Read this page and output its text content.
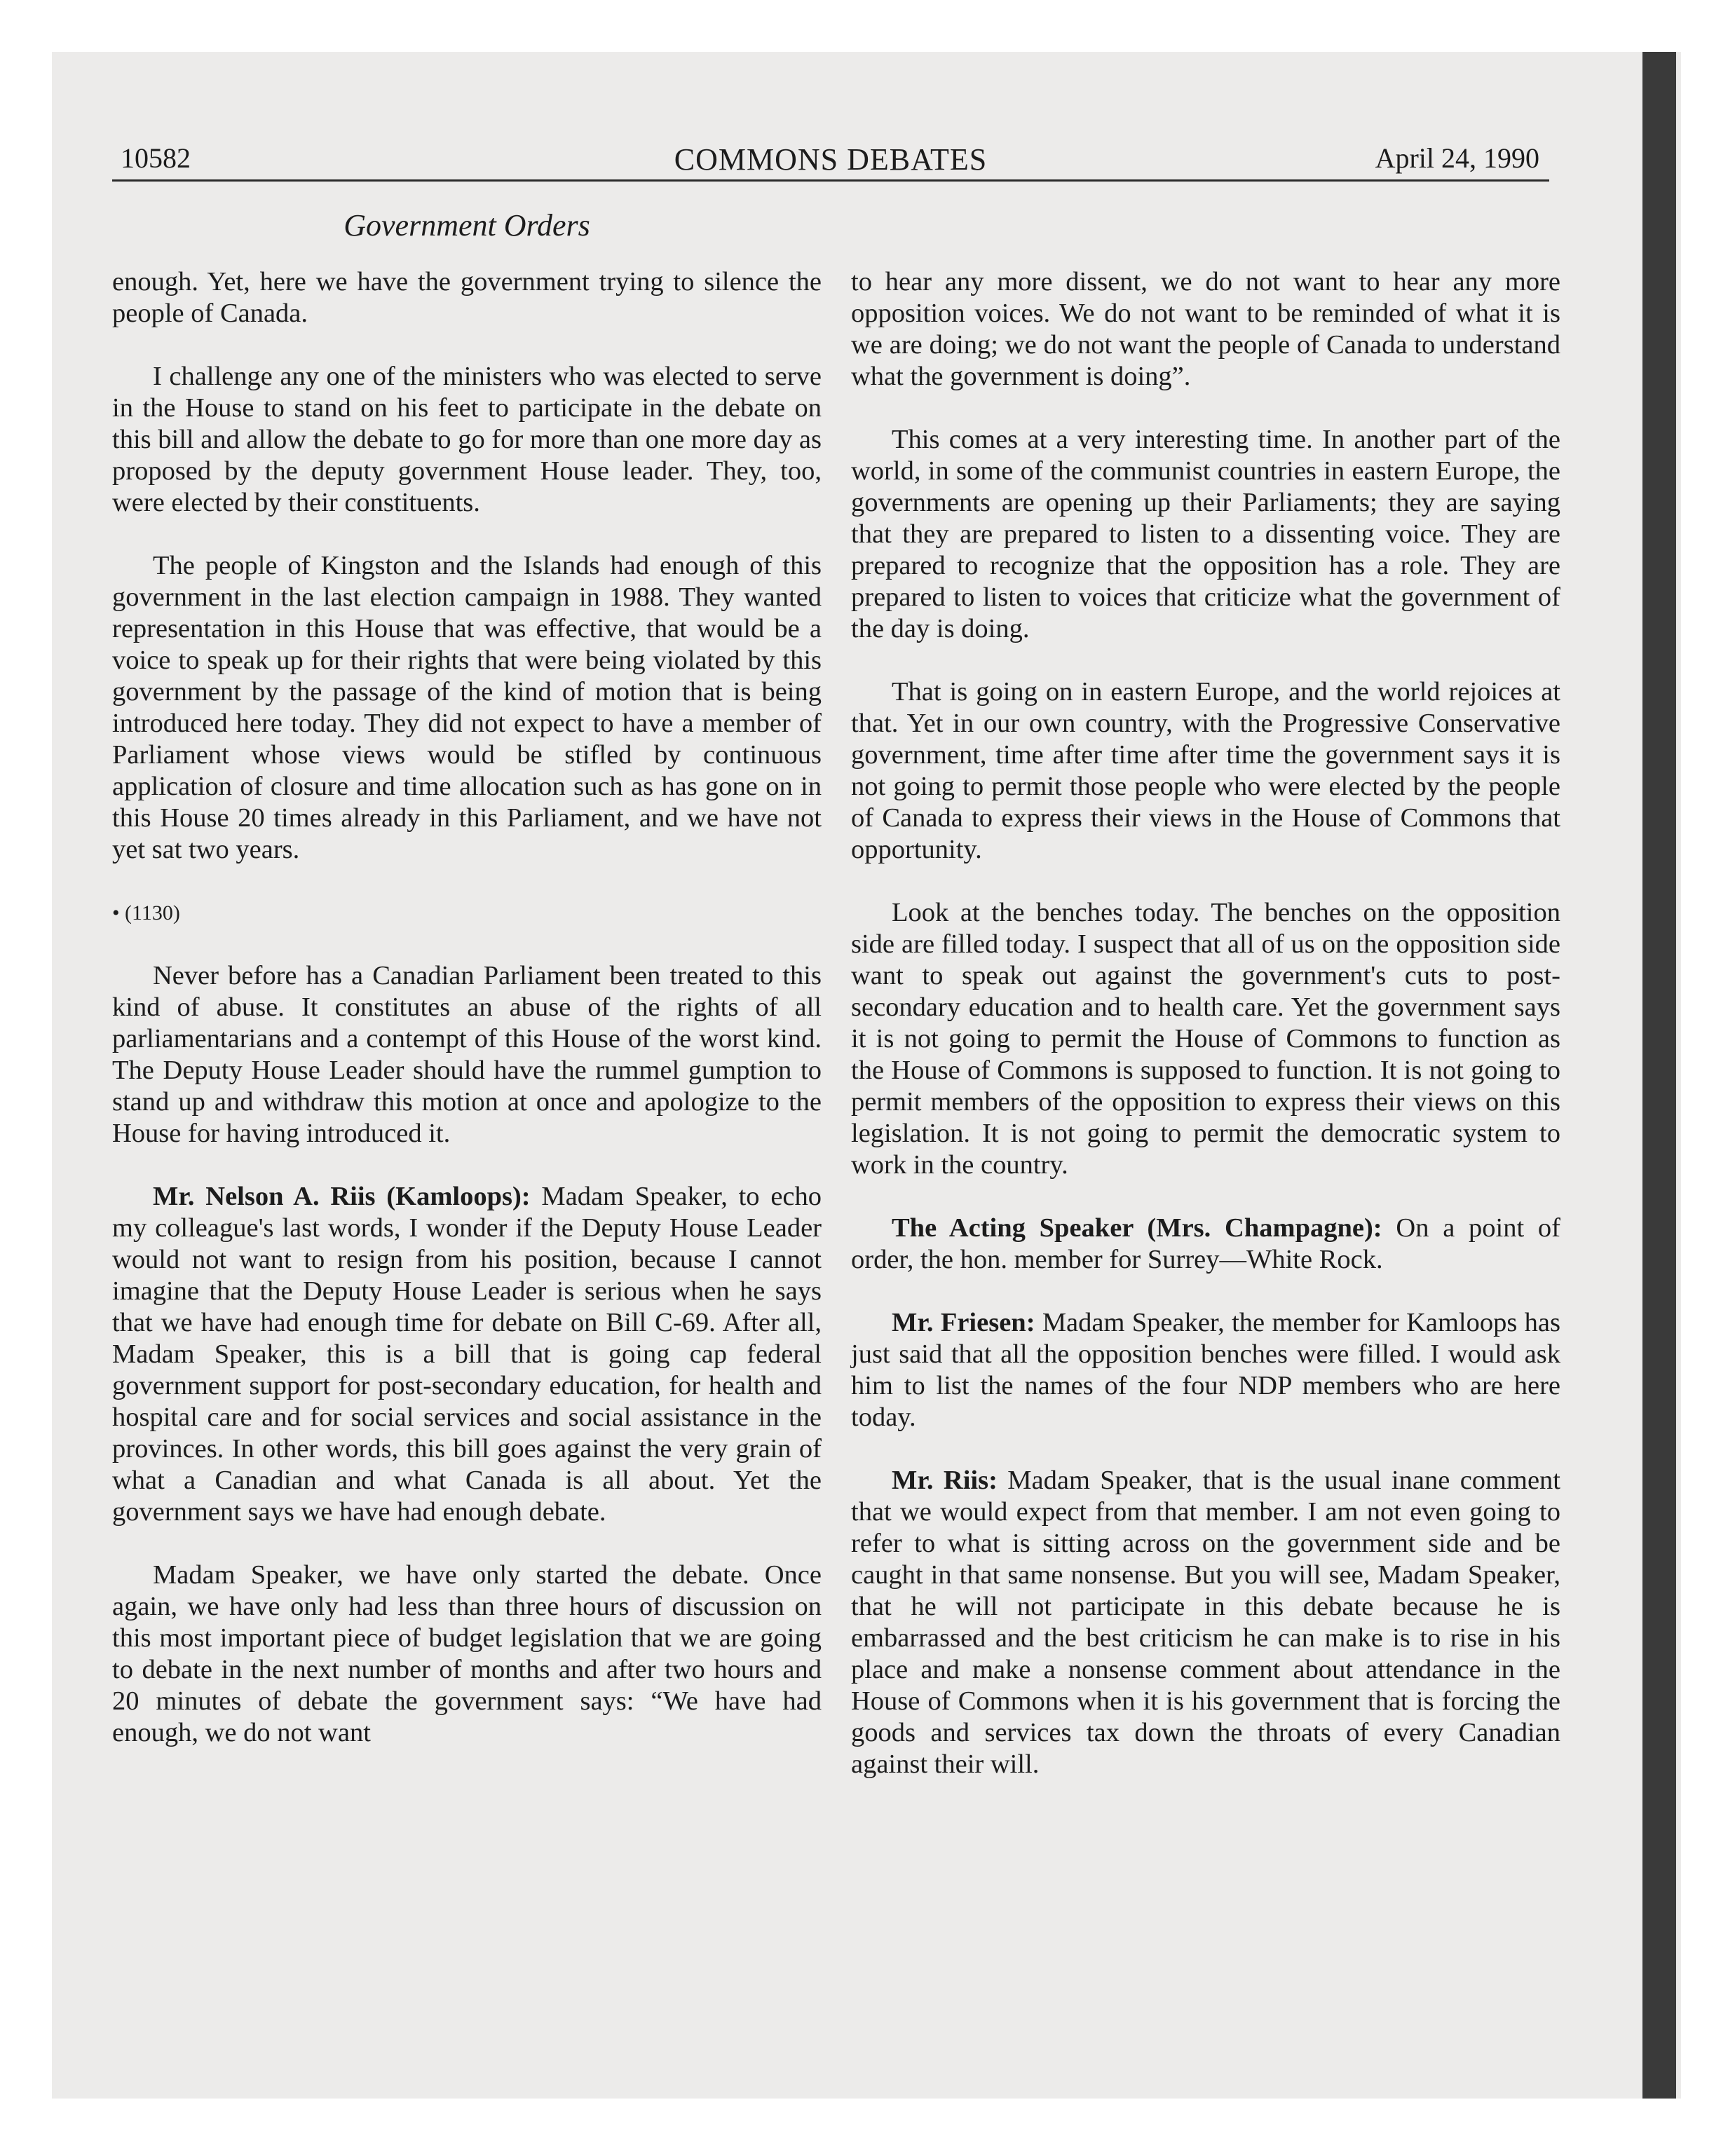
10582	COMMONS DEBATES	April 24, 1990
Government Orders

enough. Yet, here we have the government trying to silence the people of Canada.

I challenge any one of the ministers who was elected to serve in the House to stand on his feet to participate in the debate on this bill and allow the debate to go for more than one more day as proposed by the deputy government House leader. They, too, were elected by their constituents.

The people of Kingston and the Islands had enough of this government in the last election campaign in 1988. They wanted representation in this House that was effective, that would be a voice to speak up for their rights that were being violated by this government by the passage of the kind of motion that is being introduced here today. They did not expect to have a member of Parliament whose views would be stifled by continuous application of closure and time allocation such as has gone on in this House 20 times already in this Parliament, and we have not yet sat two years.

• (1130)

Never before has a Canadian Parliament been treated to this kind of abuse. It constitutes an abuse of the rights of all parliamentarians and a contempt of this House of the worst kind. The Deputy House Leader should have the rummel gumption to stand up and withdraw this motion at once and apologize to the House for having introduced it.

Mr. Nelson A. Riis (Kamloops): Madam Speaker, to echo my colleague's last words, I wonder if the Deputy House Leader would not want to resign from his position, because I cannot imagine that the Deputy House Leader is serious when he says that we have had enough time for debate on Bill C-69. After all, Madam Speaker, this is a bill that is going cap federal government support for post-secondary education, for health and hospital care and for social services and social assistance in the provinces. In other words, this bill goes against the very grain of what a Canadian and what Canada is all about. Yet the government says we have had enough debate.

Madam Speaker, we have only started the debate. Once again, we have only had less than three hours of discussion on this most important piece of budget legislation that we are going to debate in the next number of months and after two hours and 20 minutes of debate the government says: “We have had enough, we do not want

to hear any more dissent, we do not want to hear any more opposition voices. We do not want to be reminded of what it is we are doing; we do not want the people of Canada to understand what the government is doing”.

This comes at a very interesting time. In another part of the world, in some of the communist countries in eastern Europe, the governments are opening up their Parliaments; they are saying that they are prepared to listen to a dissenting voice. They are prepared to recognize that the opposition has a role. They are prepared to listen to voices that criticize what the government of the day is doing.

That is going on in eastern Europe, and the world rejoices at that. Yet in our own country, with the Progressive Conservative government, time after time after time the government says it is not going to permit those people who were elected by the people of Canada to express their views in the House of Commons that opportunity.

Look at the benches today. The benches on the opposition side are filled today. I suspect that all of us on the opposition side want to speak out against the government's cuts to post-secondary education and to health care. Yet the government says it is not going to permit the House of Commons to function as the House of Commons is supposed to function. It is not going to permit members of the opposition to express their views on this legislation. It is not going to permit the democratic system to work in the country.

The Acting Speaker (Mrs. Champagne): On a point of order, the hon. member for Surrey—White Rock.

Mr. Friesen: Madam Speaker, the member for Kamloops has just said that all the opposition benches were filled. I would ask him to list the names of the four NDP members who are here today.

Mr. Riis: Madam Speaker, that is the usual inane comment that we would expect from that member. I am not even going to refer to what is sitting across on the government side and be caught in that same nonsense. But you will see, Madam Speaker, that he will not participate in this debate because he is embarrassed and the best criticism he can make is to rise in his place and make a nonsense comment about attendance in the House of Commons when it is his government that is forcing the goods and services tax down the throats of every Canadian against their will.
